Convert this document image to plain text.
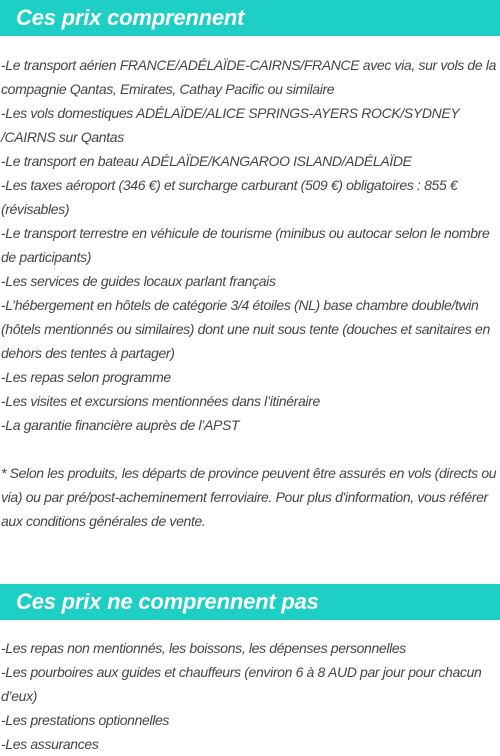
Ces prix comprennent
-Le transport aérien FRANCE/ADÉLAÏDE-CAIRNS/FRANCE avec via, sur vols de la compagnie Qantas, Emirates, Cathay Pacific ou similaire
-Les vols domestiques ADÉLAÏDE/ALICE SPRINGS-AYERS ROCK/SYDNEY /CAIRNS sur Qantas
-Le transport en bateau ADÉLAÏDE/KANGAROO ISLAND/ADÉLAÏDE
-Les taxes aéroport (346 €) et surcharge carburant (509 €) obligatoires : 855 € (révisables)
-Le transport terrestre en véhicule de tourisme (minibus ou autocar selon le nombre de participants)
-Les services de guides locaux parlant français
-L’hébergement en hôtels de catégorie 3/4 étoiles (NL) base chambre double/twin (hôtels mentionnés ou similaires) dont une nuit sous tente (douches et sanitaires en dehors des tentes à partager)
-Les repas selon programme
-Les visites et excursions mentionnées dans l’itinéraire
-La garantie financière auprès de l’APST

* Selon les produits, les départs de province peuvent être assurés en vols (directs ou via) ou par pré/post-acheminement ferroviaire. Pour plus d'information, vous référer aux conditions générales de vente.

Ces prix ne comprennent pas
-Les repas non mentionnés, les boissons, les dépenses personnelles
-Les pourboires aux guides et chauffeurs (environ 6 à 8 AUD par jour pour chacun d’eux)
-Les prestations optionnelles
-Les assurances
